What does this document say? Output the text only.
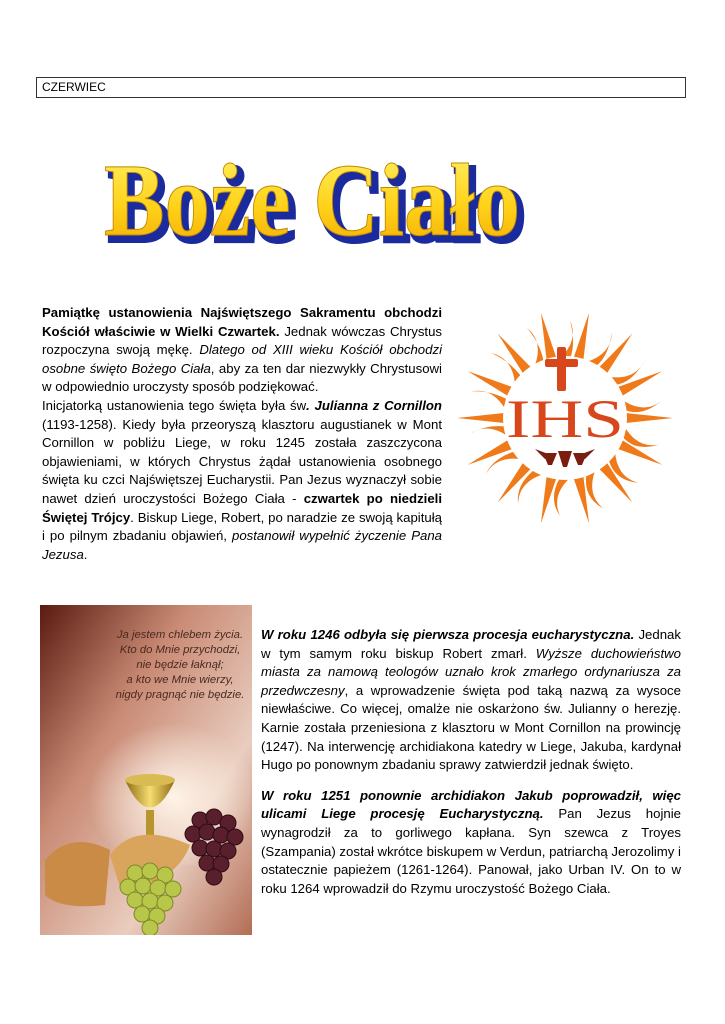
CZERWIEC
Boże Ciało
Boże Ciało

Pamiątkę ustanowienia Najświętszego Sakramentu obchodzi Kościół właściwie w Wielki Czwartek. Jednak wówczas Chrystus rozpoczyna swoją mękę. Dlatego od XIII wieku Kościół obchodzi osobne święto Bożego Ciała, aby za ten dar niezwykły Chrystusowi w odpowiednio uroczysty sposób podziękować.
Inicjatorką ustanowienia tego święta była św. Julianna z Cornillon (1193-1258). Kiedy była przeoryszą klasztoru augustianek w Mont Cornillon w pobliżu Liege, w roku 1245 została zaszczycona objawieniami, w których Chrystus żądał ustanowienia osobnego święta ku czci Najświętszej Eucharystii. Pan Jezus wyznaczył sobie nawet dzień uroczystości Bożego Ciała - czwartek po niedzieli Świętej Trójcy. Biskup Liege, Robert, po naradzie ze swoją kapitułą i po pilnym zbadaniu objawień, postanowił wypełnić życzenie Pana Jezusa.

IHS
Ja jestem chlebem życia.
Kto do Mnie przychodzi,
nie będzie łaknął;
a kto we Mnie wierzy,
nigdy pragnąć nie będzie.

W roku 1246 odbyła się pierwsza procesja eucharystyczna. Jednak w tym samym roku biskup Robert zmarł. Wyższe duchowieństwo miasta za namową teologów uznało krok zmarłego ordynariusza za przedwczesny, a wprowadzenie święta pod taką nazwą za wysoce niewłaściwe. Co więcej, omalże nie oskarżono św. Julianny o herezję. Karnie została przeniesiona z klasztoru w Mont Cornillon na prowincję (1247). Na interwencję archidiakona katedry w Liege, Jakuba, kardynał Hugo po ponownym zbadaniu sprawy zatwierdził jednak święto.

W roku 1251 ponownie archidiakon Jakub poprowadził, więc ulicami Liege procesję Eucharystyczną. Pan Jezus hojnie wynagrodził za to gorliwego kapłana. Syn szewca z Troyes (Szampania) został wkrótce biskupem w Verdun, patriarchą Jerozolimy i ostatecznie papieżem (1261-1264). Panował, jako Urban IV. On to w roku 1264 wprowadził do Rzymu uroczystość Bożego Ciała.
